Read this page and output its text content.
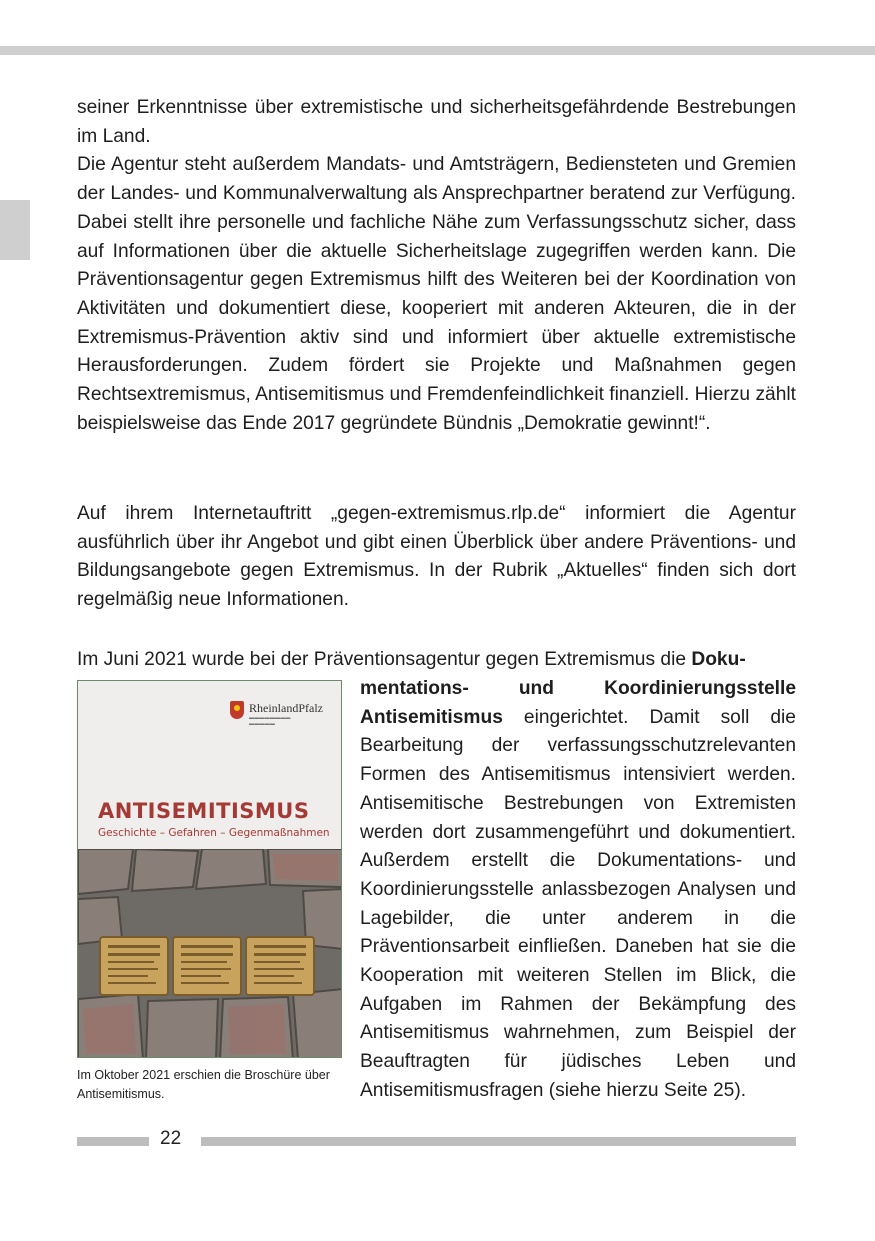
seiner Erkenntnisse über extremistische und sicherheitsgefährdende Bestrebungen im Land.

Die Agentur steht außerdem Mandats- und Amtsträgern, Bediensteten und Gremien der Landes- und Kommunalverwaltung als Ansprechpartner beratend zur Verfügung. Dabei stellt ihre personelle und fachliche Nähe zum Verfassungsschutz sicher, dass auf Informationen über die aktuelle Sicherheitslage zugegriffen werden kann. Die Präventionsagentur gegen Extremismus hilft des Weiteren bei der Koordination von Aktivitäten und dokumentiert diese, kooperiert mit anderen Akteuren, die in der Extremismus-Prävention aktiv sind und informiert über aktuelle extremistische Herausforderungen. Zudem fördert sie Projekte und Maßnahmen gegen Rechtsextremismus, Antisemitismus und Fremdenfeindlichkeit finanziell. Hierzu zählt beispielsweise das Ende 2017 gegründete Bündnis „Demokratie gewinnt!“.

Auf ihrem Internetauftritt „gegen-extremismus.rlp.de“ informiert die Agentur ausführlich über ihr Angebot und gibt einen Überblick über andere Präventions- und Bildungsangebote gegen Extremismus. In der Rubrik „Aktuelles“ finden sich dort regelmäßig neue Informationen.

Im Juni 2021 wurde bei der Präventionsagentur gegen Extremismus die Doku-

mentations- und Koordinierungsstelle Antisemitismus eingerichtet. Damit soll die Bearbeitung der verfassungsschutzrelevanten Formen des Antisemitismus intensiviert werden. Antisemitische Bestrebungen von Extremisten werden dort zusammengeführt und dokumentiert. Außerdem erstellt die Dokumentations- und Koordinierungsstelle anlassbezogen Analysen und Lagebilder, die unter anderem in die Präventionsarbeit einfließen. Daneben hat sie die Kooperation mit weiteren Stellen im Blick, die Aufgaben im Rahmen der Bekämpfung des Antisemitismus wahrnehmen, zum Beispiel der Beauftragten für jüdisches Leben und Antisemitismusfragen (siehe hierzu Seite 25).
RheinlandPfalz
▬▬▬▬▬▬▬▬
▬▬▬▬▬
ANTISEMITISMUS
Geschichte – Gefahren – Gegenmaßnahmen
Im Oktober 2021 erschien die Broschüre über Antisemitismus.
22
